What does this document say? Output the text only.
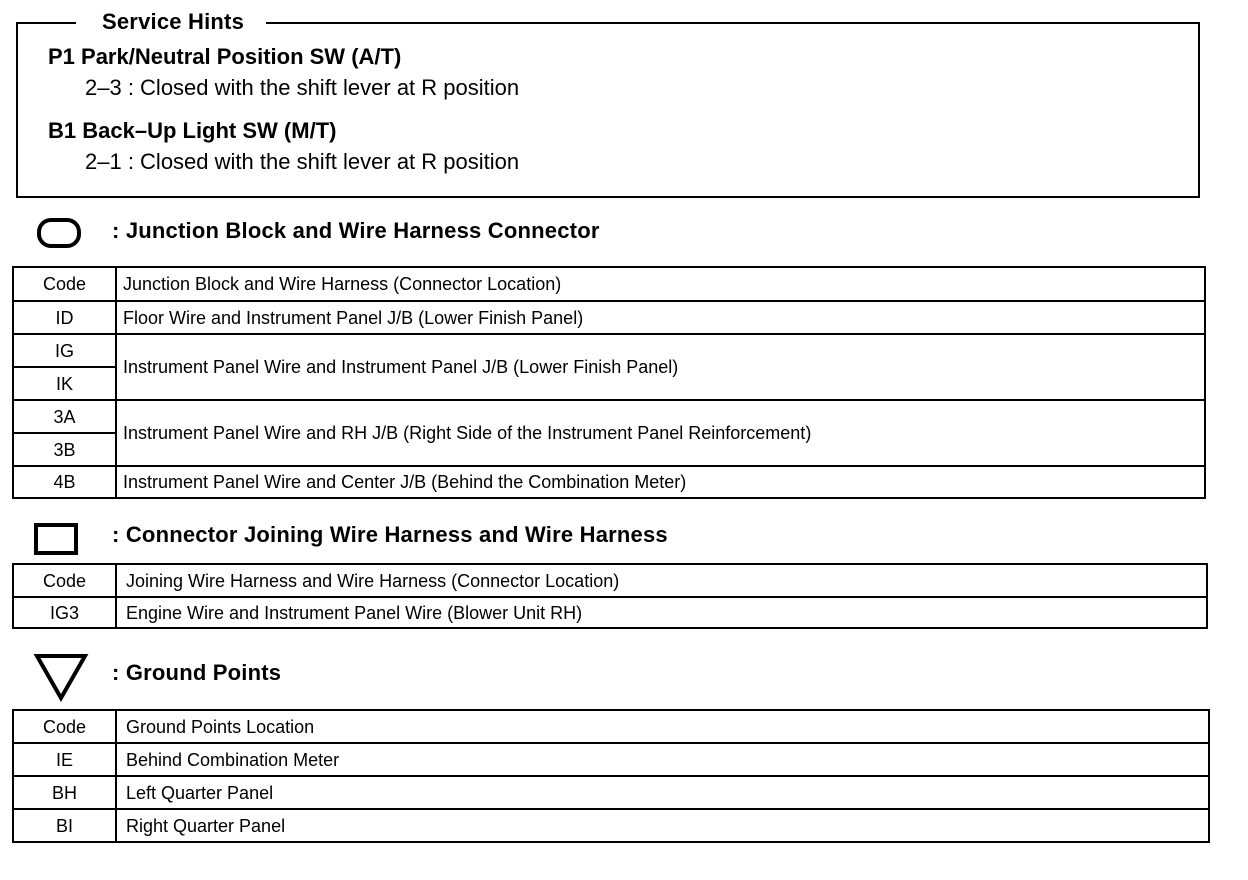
Service Hints
P1 Park/Neutral Position SW (A/T)
2–3 : Closed with the shift lever at R position
B1 Back–Up Light SW (M/T)
2–1 : Closed with the shift lever at R position
: Junction Block and Wire Harness Connector
Code	Junction Block and Wire Harness (Connector Location)
ID	Floor Wire and Instrument Panel J/B (Lower Finish Panel)
IG	Instrument Panel Wire and Instrument Panel J/B (Lower Finish Panel)
IK	
3A	Instrument Panel Wire and RH J/B (Right Side of the Instrument Panel Reinforcement)
3B	
4B	Instrument Panel Wire and Center J/B (Behind the Combination Meter)
: Connector Joining Wire Harness and Wire Harness
Code	Joining Wire Harness and Wire Harness (Connector Location)
IG3	Engine Wire and Instrument Panel Wire (Blower Unit RH)
: Ground Points
Code	Ground Points Location
IE	Behind Combination Meter
BH	Left Quarter Panel
BI	Right Quarter Panel
